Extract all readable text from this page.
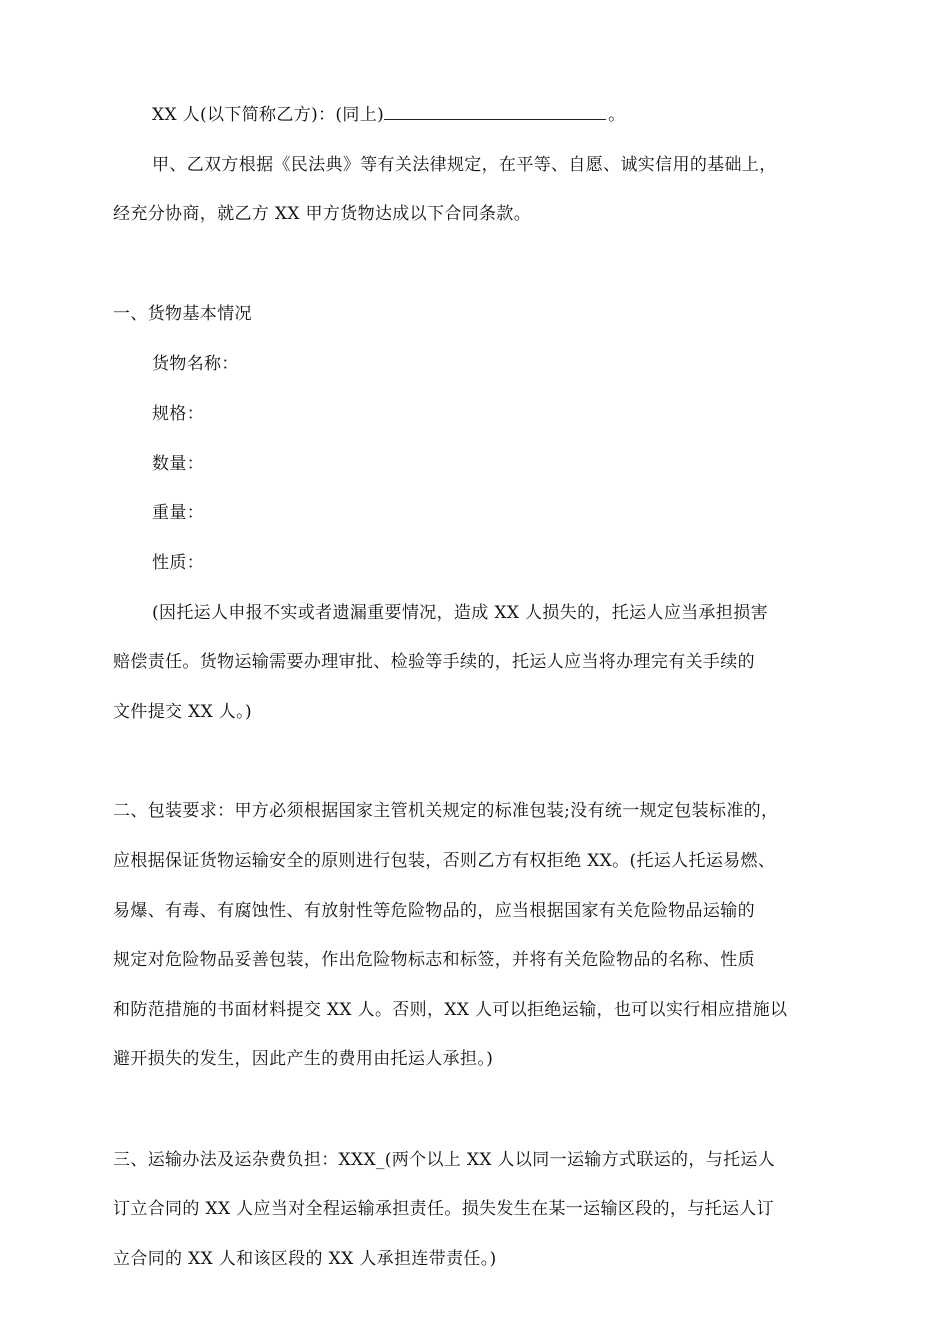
XX 人(以下简称乙方)：(同上)	。
甲、乙双方根据《民法典》等有关法律规定，在平等、自愿、诚实信用的基础上，
经充分协商，就乙方 XX 甲方货物达成以下合同条款。
一、货物基本情况
货物名称：
规格：
数量：
重量：
性质：
(因托运人申报不实或者遗漏重要情况，造成 XX 人损失的，托运人应当承担损害
赔偿责任。货物运输需要办理审批、检验等手续的，托运人应当将办理完有关手续的
文件提交 XX 人。)
二、包装要求：甲方必须根据国家主管机关规定的标准包装;没有统一规定包装标准的，
应根据保证货物运输安全的原则进行包装，否则乙方有权拒绝 XX。(托运人托运易燃、
易爆、有毒、有腐蚀性、有放射性等危险物品的，应当根据国家有关危险物品运输的
规定对危险物品妥善包装，作出危险物标志和标签，并将有关危险物品的名称、性质
和防范措施的书面材料提交 XX 人。否则，XX 人可以拒绝运输，也可以实行相应措施以
避开损失的发生，因此产生的费用由托运人承担。)
三、运输办法及运杂费负担：XXX_(两个以上 XX 人以同一运输方式联运的，与托运人
订立合同的 XX 人应当对全程运输承担责任。损失发生在某一运输区段的，与托运人订
立合同的 XX 人和该区段的 XX 人承担连带责任。)
